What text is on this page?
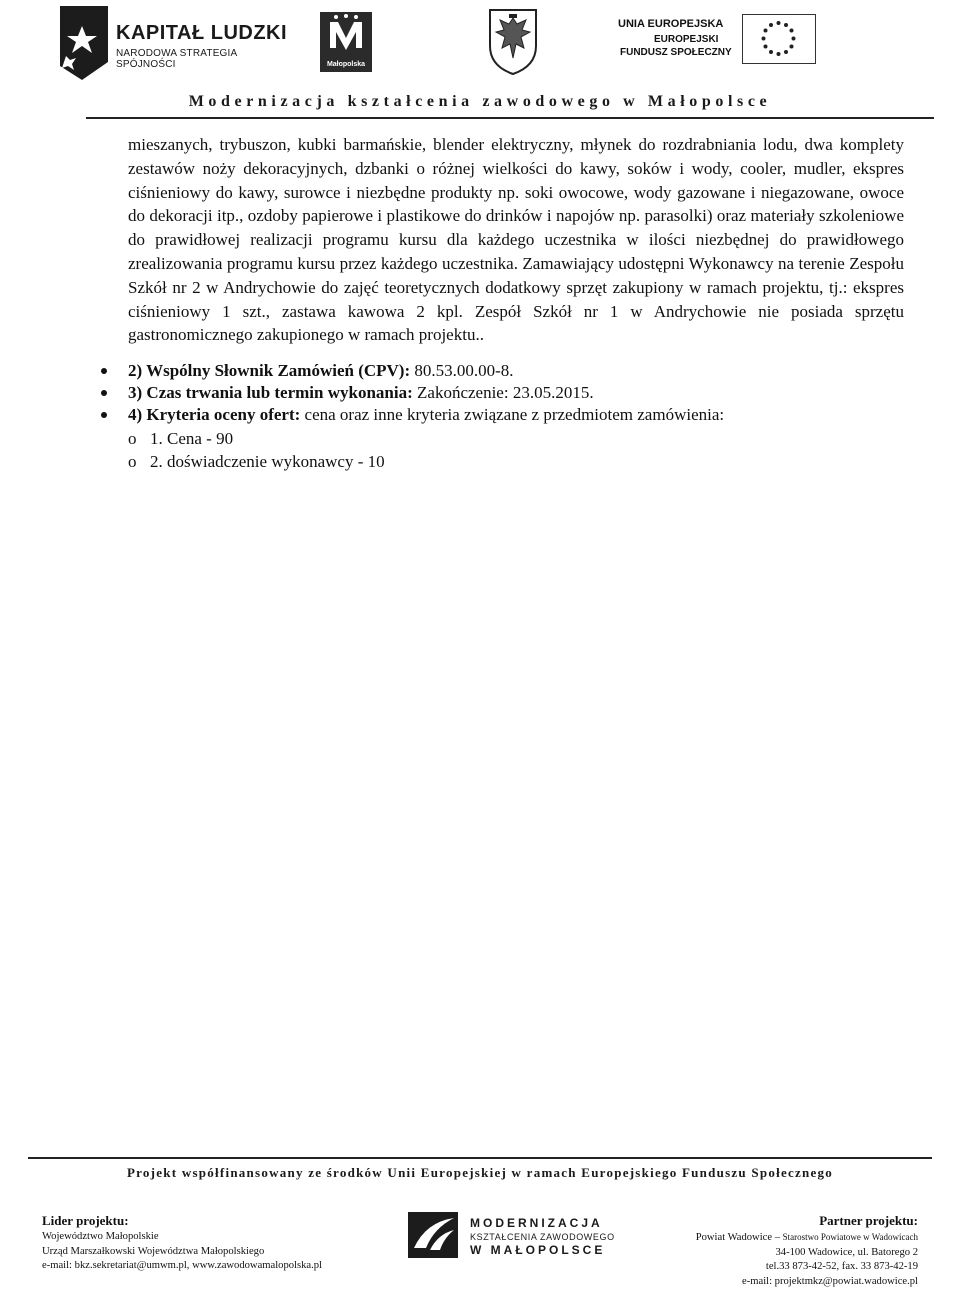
KAPITAŁ LUDZKI
NARODOWA STRATEGIA SPÓJNOŚCI	Małopolska
UNIA EUROPEJSKA
EUROPEJSKI
FUNDUSZ SPOŁECZNY
Modernizacja kształcenia zawodowego w Małopolsce
mieszanych, trybuszon, kubki barmańskie, blender elektryczny, młynek do rozdrabniania lodu, dwa komplety zestawów noży dekoracyjnych, dzbanki o różnej wielkości do kawy, soków i wody, cooler, mudler, ekspres ciśnieniowy do kawy, surowce i niezbędne produkty np. soki owocowe, wody gazowane i niegazowane, owoce do dekoracji itp., ozdoby papierowe i plastikowe do drinków i napojów np. parasolki) oraz materiały szkoleniowe do prawidłowej realizacji programu kursu dla każdego uczestnika w ilości niezbędnej do prawidłowego zrealizowania programu kursu przez każdego uczestnika. Zamawiający udostępni Wykonawcy na terenie Zespołu Szkół nr 2 w Andrychowie do zajęć teoretycznych dodatkowy sprzęt zakupiony w ramach projektu, tj.: ekspres ciśnieniowy 1 szt., zastawa kawowa 2 kpl. Zespół Szkół nr 1 w Andrychowie nie posiada sprzętu gastronomicznego zakupionego w ramach projektu..
2) Wspólny Słownik Zamówień (CPV): 80.53.00.00-8.
3) Czas trwania lub termin wykonania: Zakończenie: 23.05.2015.
4) Kryteria oceny ofert: cena oraz inne kryteria związane z przedmiotem zamówienia:
o 1. Cena - 90
o 2. doświadczenie wykonawcy - 10
Projekt współfinansowany ze środków Unii Europejskiej w ramach Europejskiego Funduszu Społecznego
Lider projektu:
Województwo Małopolskie
Urząd Marszałkowski Województwa Małopolskiego
e-mail: bkz.sekretariat@umwm.pl, www.zawodowamalopolska.pl
MODERNIZACJA
KSZTAŁCENIA ZAWODOWEGO
W MAŁOPOLSCE
Partner projektu:
Powiat Wadowice – Starostwo Powiatowe w Wadowicach
34-100 Wadowice, ul. Batorego 2
tel.33 873-42-52, fax. 33 873-42-19
e-mail: projektmkz@powiat.wadowice.pl
